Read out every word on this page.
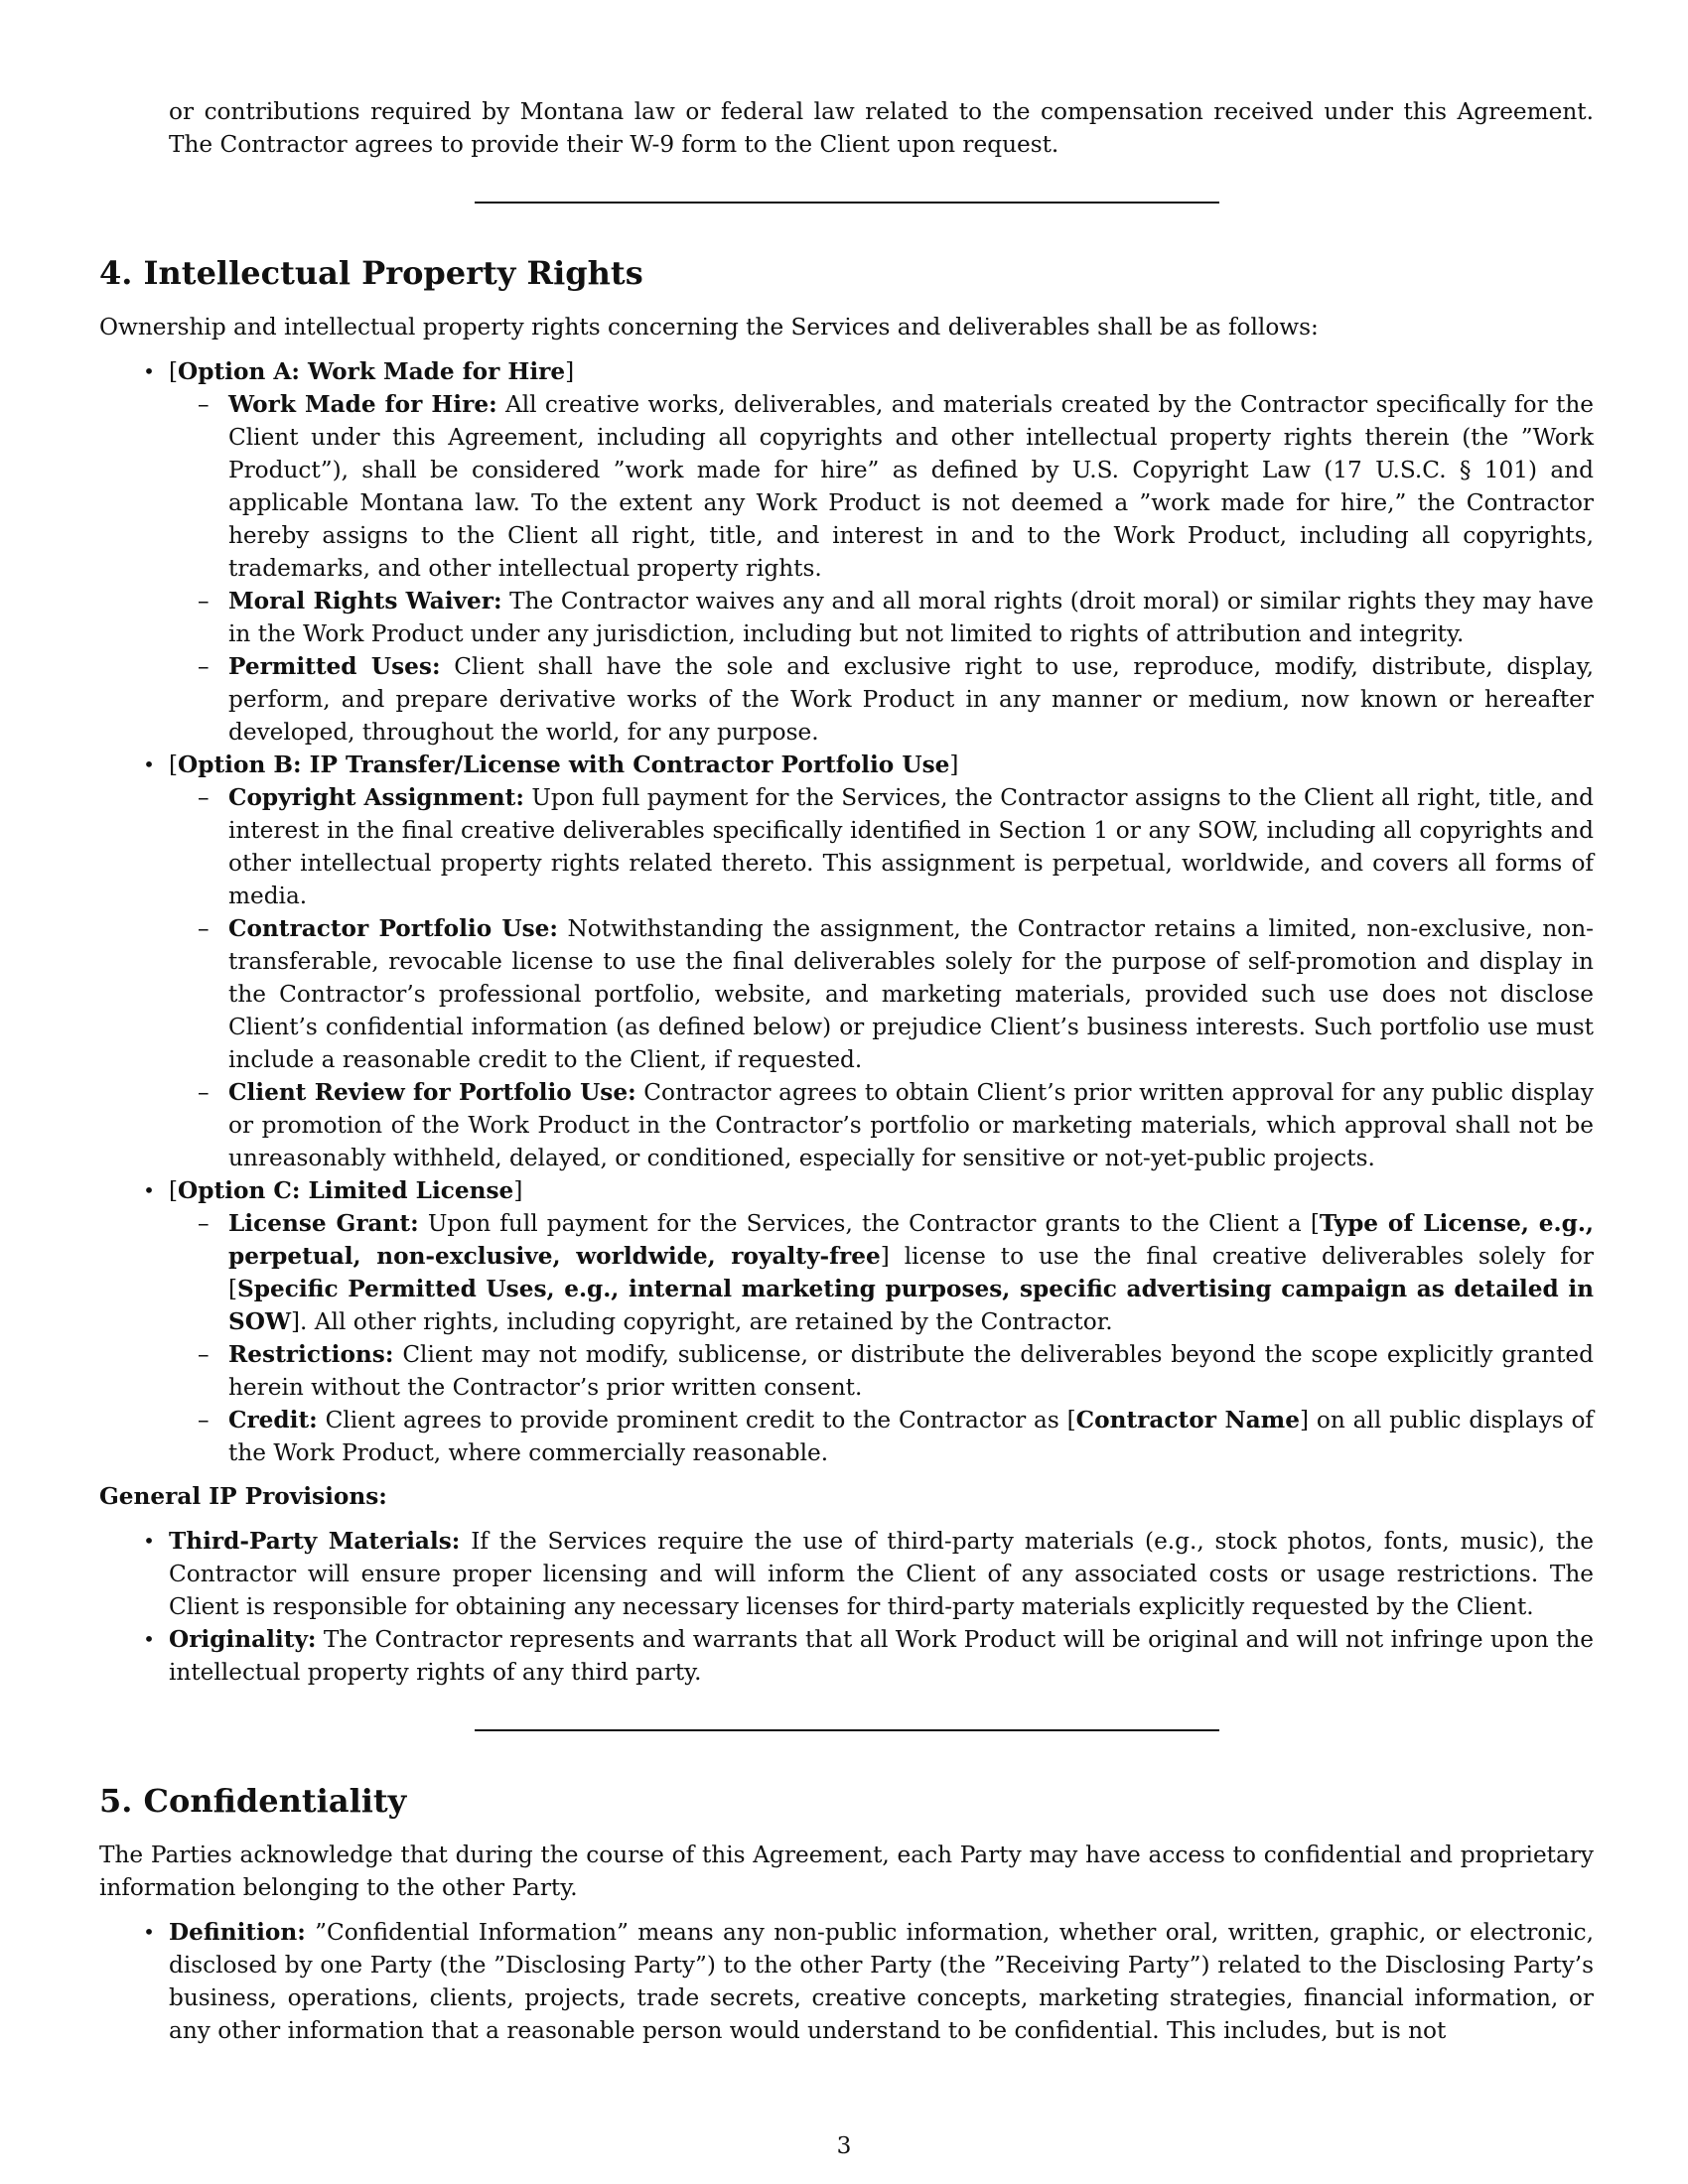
or contributions required by Montana law or federal law related to the compensation received under this Agreement. The Contractor agrees to provide their W-9 form to the Client upon request.

4. Intellectual Property Rights

Ownership and intellectual property rights concerning the Services and deliverables shall be as follows:

• [Option A: Work Made for Hire]
– Work Made for Hire: All creative works, deliverables, and materials created by the Contractor specifically for the Client under this Agreement, including all copyrights and other intellectual property rights therein (the ”Work Product”), shall be considered ”work made for hire” as defined by U.S. Copyright Law (17 U.S.C. § 101) and applicable Montana law. To the extent any Work Product is not deemed a ”work made for hire,” the Contractor hereby assigns to the Client all right, title, and interest in and to the Work Product, including all copyrights, trademarks, and other intellectual property rights.
– Moral Rights Waiver: The Contractor waives any and all moral rights (droit moral) or similar rights they may have in the Work Product under any jurisdiction, including but not limited to rights of attribution and integrity.
– Permitted Uses: Client shall have the sole and exclusive right to use, reproduce, modify, distribute, display, perform, and prepare derivative works of the Work Product in any manner or medium, now known or hereafter developed, throughout the world, for any purpose.
• [Option B: IP Transfer/License with Contractor Portfolio Use]
– Copyright Assignment: Upon full payment for the Services, the Contractor assigns to the Client all right, title, and interest in the final creative deliverables specifically identified in Section 1 or any SOW, including all copyrights and other intellectual property rights related thereto. This assignment is perpetual, worldwide, and covers all forms of media.
– Contractor Portfolio Use: Notwithstanding the assignment, the Contractor retains a limited, non-exclusive, non-transferable, revocable license to use the final deliverables solely for the purpose of self-promotion and display in the Contractor’s professional portfolio, website, and marketing materials, provided such use does not disclose Client’s confidential information (as defined below) or prejudice Client’s business interests. Such portfolio use must include a reasonable credit to the Client, if requested.
– Client Review for Portfolio Use: Contractor agrees to obtain Client’s prior written approval for any public display or promotion of the Work Product in the Contractor’s portfolio or marketing materials, which approval shall not be unreasonably withheld, delayed, or conditioned, especially for sensitive or not-yet-public projects.
• [Option C: Limited License]
– License Grant: Upon full payment for the Services, the Contractor grants to the Client a [Type of License, e.g., perpetual, non-exclusive, worldwide, royalty-free] license to use the final creative deliverables solely for [Specific Permitted Uses, e.g., internal marketing purposes, specific advertising campaign as detailed in SOW]. All other rights, including copyright, are retained by the Contractor.
– Restrictions: Client may not modify, sublicense, or distribute the deliverables beyond the scope explicitly granted herein without the Contractor’s prior written consent.
– Credit: Client agrees to provide prominent credit to the Contractor as [Contractor Name] on all public displays of the Work Product, where commercially reasonable.

General IP Provisions:

• Third-Party Materials: If the Services require the use of third-party materials (e.g., stock photos, fonts, music), the Contractor will ensure proper licensing and will inform the Client of any associated costs or usage restrictions. The Client is responsible for obtaining any necessary licenses for third-party materials explicitly requested by the Client.
• Originality: The Contractor represents and warrants that all Work Product will be original and will not infringe upon the intellectual property rights of any third party.
5. Confidentiality

The Parties acknowledge that during the course of this Agreement, each Party may have access to confidential and proprietary information belonging to the other Party.

• Definition: ”Confidential Information” means any non-public information, whether oral, written, graphic, or electronic, disclosed by one Party (the ”Disclosing Party”) to the other Party (the ”Receiving Party”) related to the Disclosing Party’s business, operations, clients, projects, trade secrets, creative concepts, marketing strategies, financial information, or any other information that a reasonable person would understand to be confidential. This includes, but is not
3
